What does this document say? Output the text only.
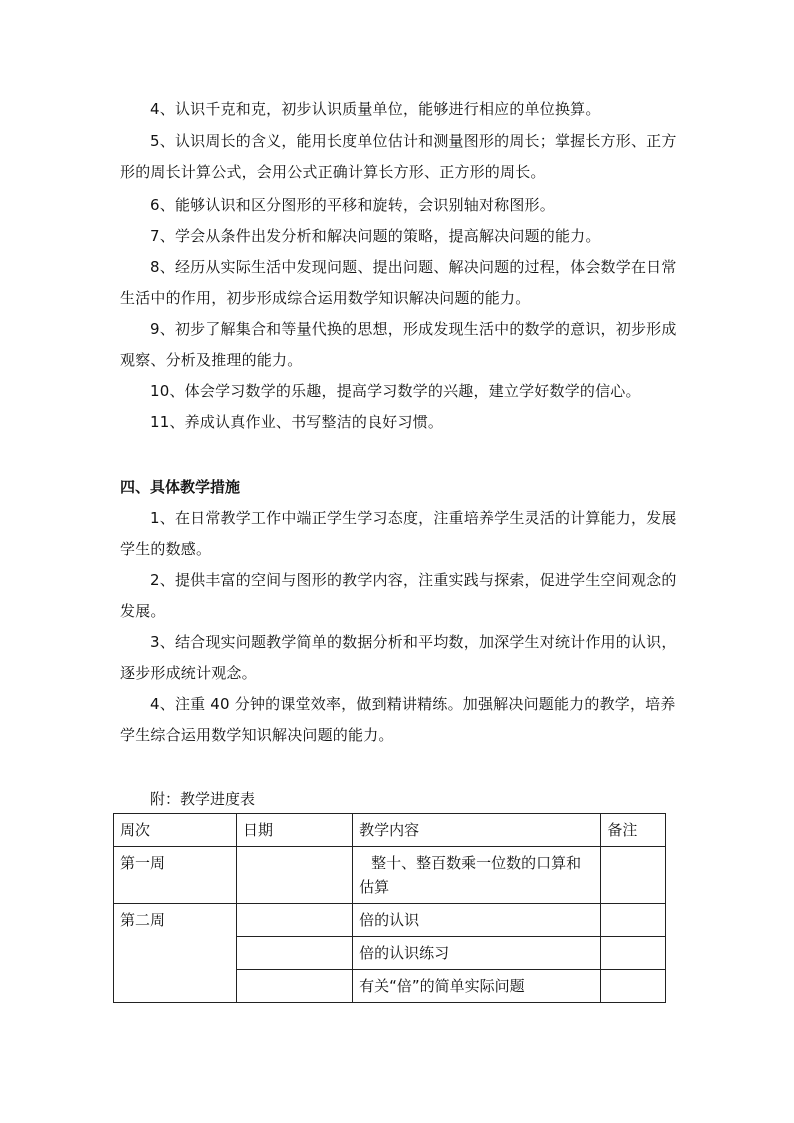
4、认识千克和克，初步认识质量单位，能够进行相应的单位换算。

5、认识周长的含义，能用长度单位估计和测量图形的周长；掌握长方形、正方形的周长计算公式，会用公式正确计算长方形、正方形的周长。

6、能够认识和区分图形的平移和旋转，会识别轴对称图形。

7、学会从条件出发分析和解决问题的策略，提高解决问题的能力。

8、经历从实际生活中发现问题、提出问题、解决问题的过程，体会数学在日常生活中的作用，初步形成综合运用数学知识解决问题的能力。

9、初步了解集合和等量代换的思想，形成发现生活中的数学的意识，初步形成观察、分析及推理的能力。

10、体会学习数学的乐趣，提高学习数学的兴趣，建立学好数学的信心。

11、养成认真作业、书写整洁的良好习惯。

四、具体教学措施

1、在日常教学工作中端正学生学习态度，注重培养学生灵活的计算能力，发展学生的数感。

2、提供丰富的空间与图形的教学内容，注重实践与探索，促进学生空间观念的发展。

3、结合现实问题教学简单的数据分析和平均数，加深学生对统计作用的认识，逐步形成统计观念。

4、注重 40 分钟的课堂效率，做到精讲精练。加强解决问题能力的教学，培养学生综合运用数学知识解决问题的能力。

附：教学进度表

周次	日期	教学内容	备注
第一周		整十、整百数乘一位数的口算和估算	
第二周		倍的认识	
		倍的认识练习	
		有关“倍”的简单实际问题	
